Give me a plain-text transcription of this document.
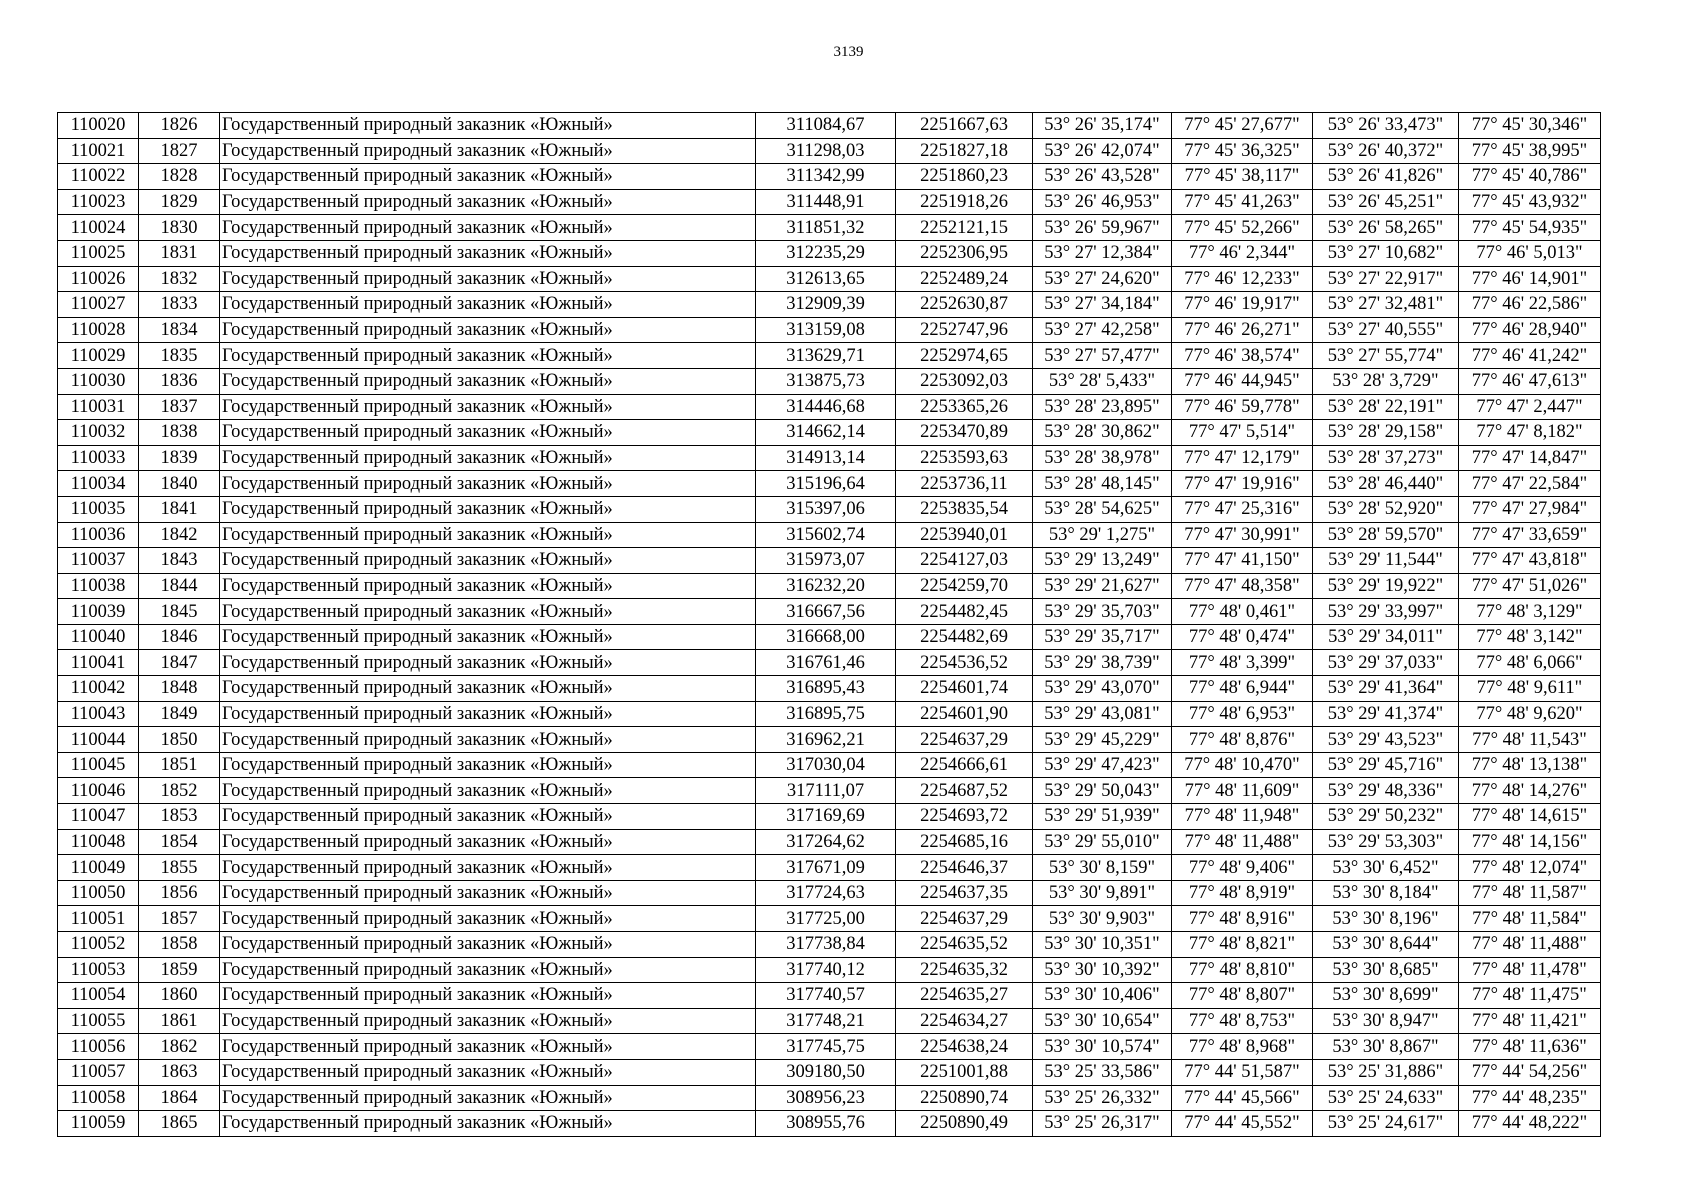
3139
110020	1826	Государственный природный заказник «Южный»	311084,67	2251667,63	53° 26' 35,174"	77° 45' 27,677"	53° 26' 33,473"	77° 45' 30,346"
110021	1827	Государственный природный заказник «Южный»	311298,03	2251827,18	53° 26' 42,074"	77° 45' 36,325"	53° 26' 40,372"	77° 45' 38,995"
110022	1828	Государственный природный заказник «Южный»	311342,99	2251860,23	53° 26' 43,528"	77° 45' 38,117"	53° 26' 41,826"	77° 45' 40,786"
110023	1829	Государственный природный заказник «Южный»	311448,91	2251918,26	53° 26' 46,953"	77° 45' 41,263"	53° 26' 45,251"	77° 45' 43,932"
110024	1830	Государственный природный заказник «Южный»	311851,32	2252121,15	53° 26' 59,967"	77° 45' 52,266"	53° 26' 58,265"	77° 45' 54,935"
110025	1831	Государственный природный заказник «Южный»	312235,29	2252306,95	53° 27' 12,384"	77° 46' 2,344"	53° 27' 10,682"	77° 46' 5,013"
110026	1832	Государственный природный заказник «Южный»	312613,65	2252489,24	53° 27' 24,620"	77° 46' 12,233"	53° 27' 22,917"	77° 46' 14,901"
110027	1833	Государственный природный заказник «Южный»	312909,39	2252630,87	53° 27' 34,184"	77° 46' 19,917"	53° 27' 32,481"	77° 46' 22,586"
110028	1834	Государственный природный заказник «Южный»	313159,08	2252747,96	53° 27' 42,258"	77° 46' 26,271"	53° 27' 40,555"	77° 46' 28,940"
110029	1835	Государственный природный заказник «Южный»	313629,71	2252974,65	53° 27' 57,477"	77° 46' 38,574"	53° 27' 55,774"	77° 46' 41,242"
110030	1836	Государственный природный заказник «Южный»	313875,73	2253092,03	53° 28' 5,433"	77° 46' 44,945"	53° 28' 3,729"	77° 46' 47,613"
110031	1837	Государственный природный заказник «Южный»	314446,68	2253365,26	53° 28' 23,895"	77° 46' 59,778"	53° 28' 22,191"	77° 47' 2,447"
110032	1838	Государственный природный заказник «Южный»	314662,14	2253470,89	53° 28' 30,862"	77° 47' 5,514"	53° 28' 29,158"	77° 47' 8,182"
110033	1839	Государственный природный заказник «Южный»	314913,14	2253593,63	53° 28' 38,978"	77° 47' 12,179"	53° 28' 37,273"	77° 47' 14,847"
110034	1840	Государственный природный заказник «Южный»	315196,64	2253736,11	53° 28' 48,145"	77° 47' 19,916"	53° 28' 46,440"	77° 47' 22,584"
110035	1841	Государственный природный заказник «Южный»	315397,06	2253835,54	53° 28' 54,625"	77° 47' 25,316"	53° 28' 52,920"	77° 47' 27,984"
110036	1842	Государственный природный заказник «Южный»	315602,74	2253940,01	53° 29' 1,275"	77° 47' 30,991"	53° 28' 59,570"	77° 47' 33,659"
110037	1843	Государственный природный заказник «Южный»	315973,07	2254127,03	53° 29' 13,249"	77° 47' 41,150"	53° 29' 11,544"	77° 47' 43,818"
110038	1844	Государственный природный заказник «Южный»	316232,20	2254259,70	53° 29' 21,627"	77° 47' 48,358"	53° 29' 19,922"	77° 47' 51,026"
110039	1845	Государственный природный заказник «Южный»	316667,56	2254482,45	53° 29' 35,703"	77° 48' 0,461"	53° 29' 33,997"	77° 48' 3,129"
110040	1846	Государственный природный заказник «Южный»	316668,00	2254482,69	53° 29' 35,717"	77° 48' 0,474"	53° 29' 34,011"	77° 48' 3,142"
110041	1847	Государственный природный заказник «Южный»	316761,46	2254536,52	53° 29' 38,739"	77° 48' 3,399"	53° 29' 37,033"	77° 48' 6,066"
110042	1848	Государственный природный заказник «Южный»	316895,43	2254601,74	53° 29' 43,070"	77° 48' 6,944"	53° 29' 41,364"	77° 48' 9,611"
110043	1849	Государственный природный заказник «Южный»	316895,75	2254601,90	53° 29' 43,081"	77° 48' 6,953"	53° 29' 41,374"	77° 48' 9,620"
110044	1850	Государственный природный заказник «Южный»	316962,21	2254637,29	53° 29' 45,229"	77° 48' 8,876"	53° 29' 43,523"	77° 48' 11,543"
110045	1851	Государственный природный заказник «Южный»	317030,04	2254666,61	53° 29' 47,423"	77° 48' 10,470"	53° 29' 45,716"	77° 48' 13,138"
110046	1852	Государственный природный заказник «Южный»	317111,07	2254687,52	53° 29' 50,043"	77° 48' 11,609"	53° 29' 48,336"	77° 48' 14,276"
110047	1853	Государственный природный заказник «Южный»	317169,69	2254693,72	53° 29' 51,939"	77° 48' 11,948"	53° 29' 50,232"	77° 48' 14,615"
110048	1854	Государственный природный заказник «Южный»	317264,62	2254685,16	53° 29' 55,010"	77° 48' 11,488"	53° 29' 53,303"	77° 48' 14,156"
110049	1855	Государственный природный заказник «Южный»	317671,09	2254646,37	53° 30' 8,159"	77° 48' 9,406"	53° 30' 6,452"	77° 48' 12,074"
110050	1856	Государственный природный заказник «Южный»	317724,63	2254637,35	53° 30' 9,891"	77° 48' 8,919"	53° 30' 8,184"	77° 48' 11,587"
110051	1857	Государственный природный заказник «Южный»	317725,00	2254637,29	53° 30' 9,903"	77° 48' 8,916"	53° 30' 8,196"	77° 48' 11,584"
110052	1858	Государственный природный заказник «Южный»	317738,84	2254635,52	53° 30' 10,351"	77° 48' 8,821"	53° 30' 8,644"	77° 48' 11,488"
110053	1859	Государственный природный заказник «Южный»	317740,12	2254635,32	53° 30' 10,392"	77° 48' 8,810"	53° 30' 8,685"	77° 48' 11,478"
110054	1860	Государственный природный заказник «Южный»	317740,57	2254635,27	53° 30' 10,406"	77° 48' 8,807"	53° 30' 8,699"	77° 48' 11,475"
110055	1861	Государственный природный заказник «Южный»	317748,21	2254634,27	53° 30' 10,654"	77° 48' 8,753"	53° 30' 8,947"	77° 48' 11,421"
110056	1862	Государственный природный заказник «Южный»	317745,75	2254638,24	53° 30' 10,574"	77° 48' 8,968"	53° 30' 8,867"	77° 48' 11,636"
110057	1863	Государственный природный заказник «Южный»	309180,50	2251001,88	53° 25' 33,586"	77° 44' 51,587"	53° 25' 31,886"	77° 44' 54,256"
110058	1864	Государственный природный заказник «Южный»	308956,23	2250890,74	53° 25' 26,332"	77° 44' 45,566"	53° 25' 24,633"	77° 44' 48,235"
110059	1865	Государственный природный заказник «Южный»	308955,76	2250890,49	53° 25' 26,317"	77° 44' 45,552"	53° 25' 24,617"	77° 44' 48,222"
